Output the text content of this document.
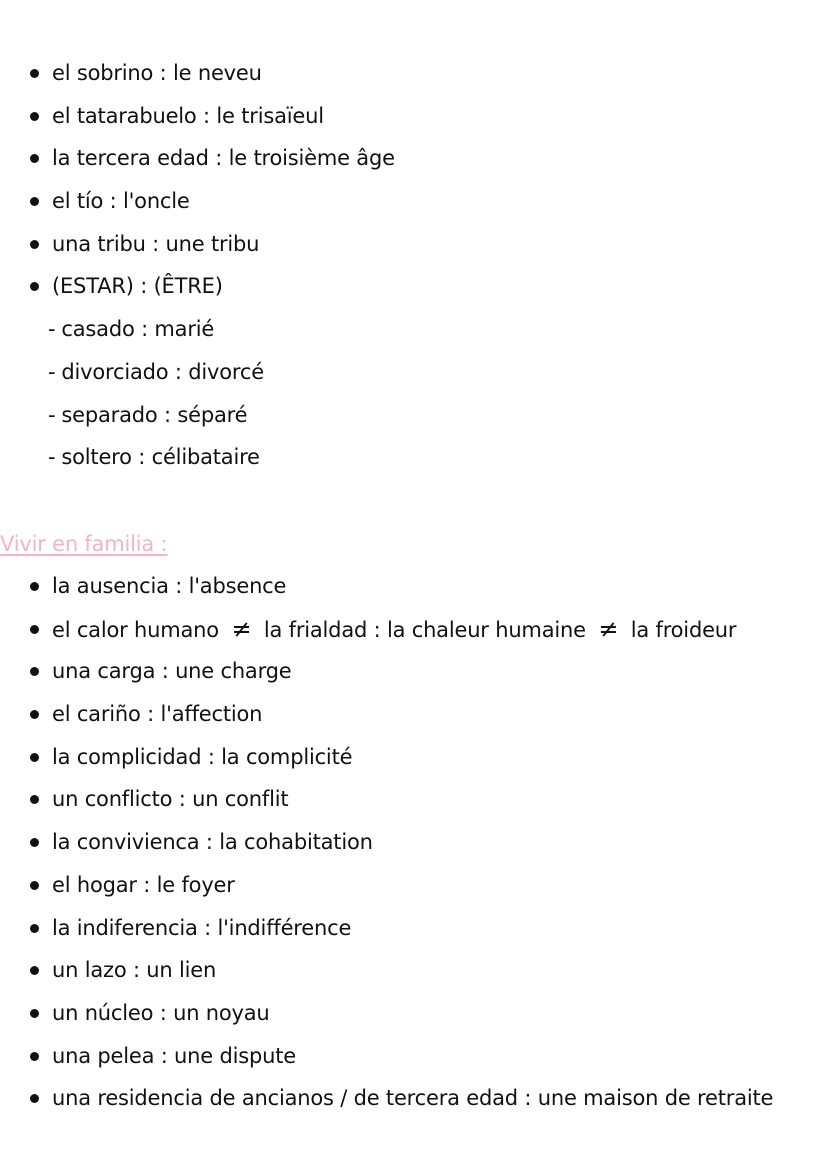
el sobrino : le neveu
el tatarabuelo : le trisaïeul
la tercera edad : le troisième âge
el tío : l'oncle
una tribu : une tribu
(ESTAR) : (ÊTRE)
- casado : marié
- divorciado : divorcé
- separado : séparé
- soltero : célibataire
Vivir en familia :
la ausencia : l'absence
el calor humano ≠ la frialdad : la chaleur humaine ≠ la froideur
una carga : une charge
el cariño : l'affection
la complicidad : la complicité
un conflicto : un conflit
la convivienca : la cohabitation
el hogar : le foyer
la indiferencia : l'indifférence
un lazo : un lien
un núcleo : un noyau
una pelea : une dispute
una residencia de ancianos / de tercera edad : une maison de retraite
